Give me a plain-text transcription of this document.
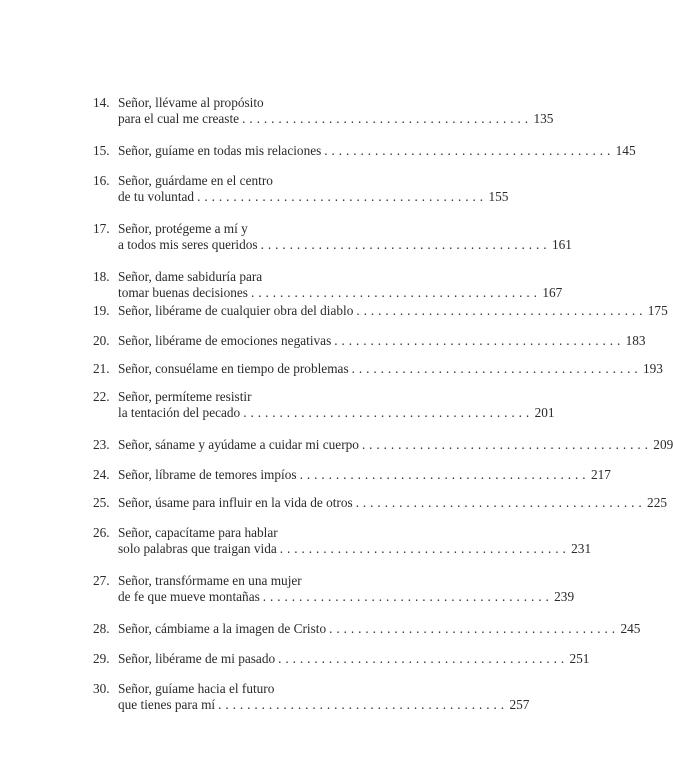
14. Señor, llévame al propósito
para el cual me creaste . . . . . . . . . . . . . . . . . . . . . . . . . . . . . . . . . . . . . . . . 135
15. Señor, guíame en todas mis relaciones . . . . . . . . . . . . . . . . . . . . . . . . . . . . . . . . . . . . . . . . 145
16. Señor, guárdame en el centro
de tu voluntad . . . . . . . . . . . . . . . . . . . . . . . . . . . . . . . . . . . . . . . . 155
17. Señor, protégeme a mí y
a todos mis seres queridos . . . . . . . . . . . . . . . . . . . . . . . . . . . . . . . . . . . . . . . . 161
18. Señor, dame sabiduría para
tomar buenas decisiones . . . . . . . . . . . . . . . . . . . . . . . . . . . . . . . . . . . . . . . . 167
19. Señor, libérame de cualquier obra del diablo . . . . . . . . . . . . . . . . . . . . . . . . . . . . . . . . . . . . . . . . 175
20. Señor, libérame de emociones negativas . . . . . . . . . . . . . . . . . . . . . . . . . . . . . . . . . . . . . . . . 183
21. Señor, consuélame en tiempo de problemas . . . . . . . . . . . . . . . . . . . . . . . . . . . . . . . . . . . . . . . . 193
22. Señor, permíteme resistir
la tentación del pecado . . . . . . . . . . . . . . . . . . . . . . . . . . . . . . . . . . . . . . . . 201
23. Señor, sáname y ayúdame a cuidar mi cuerpo . . . . . . . . . . . . . . . . . . . . . . . . . . . . . . . . . . . . . . . . 209
24. Señor, líbrame de temores impíos . . . . . . . . . . . . . . . . . . . . . . . . . . . . . . . . . . . . . . . . 217
25. Señor, úsame para influir en la vida de otros . . . . . . . . . . . . . . . . . . . . . . . . . . . . . . . . . . . . . . . . 225
26. Señor, capacítame para hablar
solo palabras que traigan vida . . . . . . . . . . . . . . . . . . . . . . . . . . . . . . . . . . . . . . . . 231
27. Señor, transfórmame en una mujer
de fe que mueve montañas . . . . . . . . . . . . . . . . . . . . . . . . . . . . . . . . . . . . . . . . 239
28. Señor, cámbiame a la imagen de Cristo . . . . . . . . . . . . . . . . . . . . . . . . . . . . . . . . . . . . . . . . 245
29. Señor, libérame de mi pasado . . . . . . . . . . . . . . . . . . . . . . . . . . . . . . . . . . . . . . . . 251
30. Señor, guíame hacia el futuro
que tienes para mí . . . . . . . . . . . . . . . . . . . . . . . . . . . . . . . . . . . . . . . . 257
